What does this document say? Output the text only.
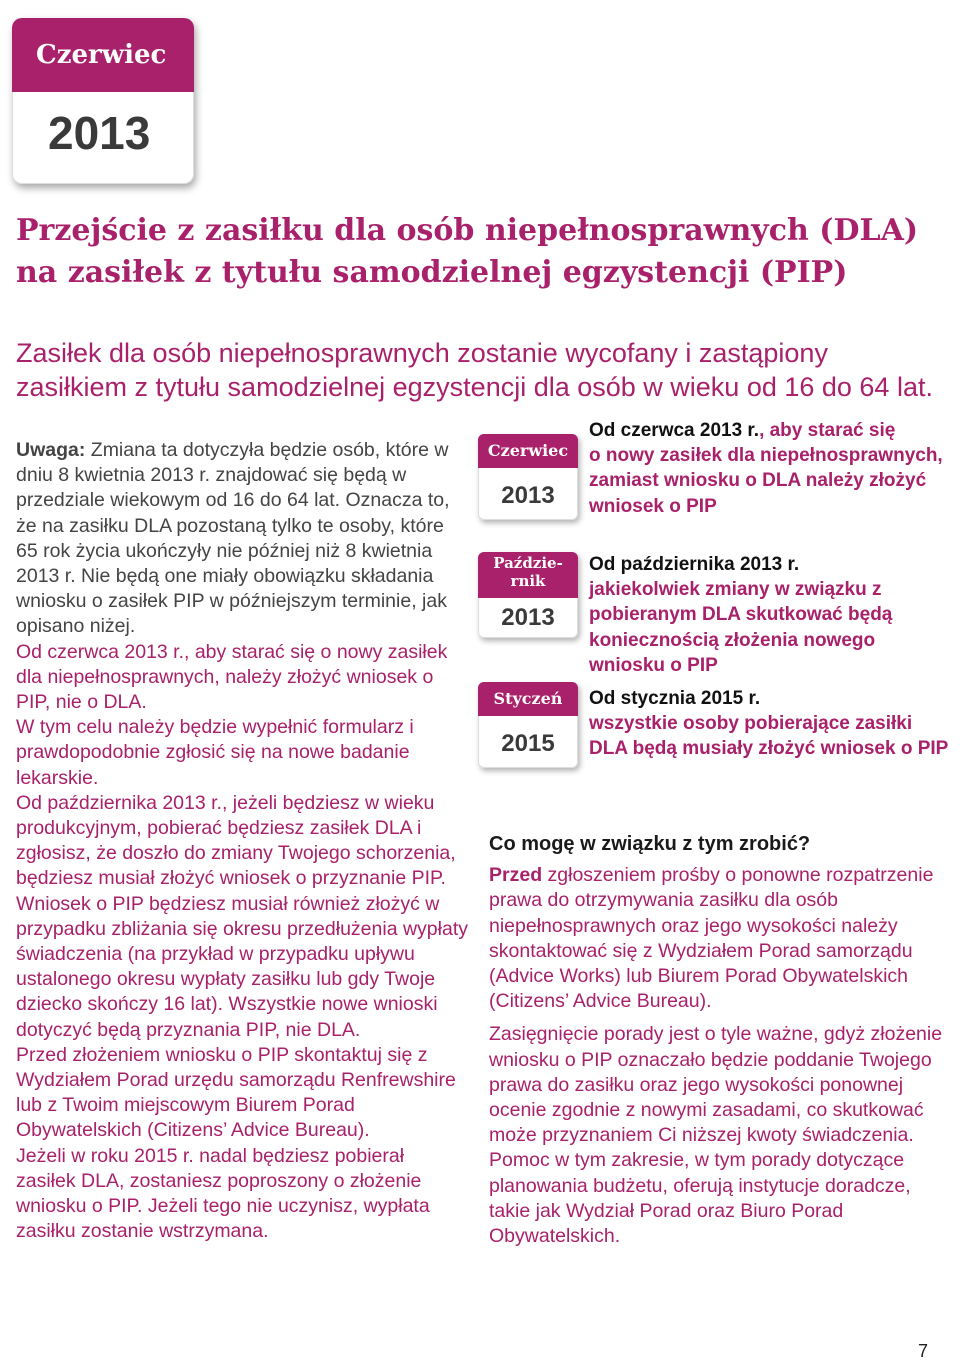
Czerwiec
2013
Przejście z zasiłku dla osób niepełnosprawnych (DLA) na zasiłek z tytułu samodzielnej egzystencji (PIP)

Zasiłek dla osób niepełnosprawnych zostanie wycofany i zastąpiony zasiłkiem z tytułu samodzielnej egzystencji dla osób w wieku od 16 do 64 lat.

Uwaga: Zmiana ta dotyczyła będzie osób, które w dniu 8 kwietnia 2013 r. znajdować się będą w przedziale wiekowym od 16 do 64 lat. Oznacza to, że na zasiłku DLA pozostaną tylko te osoby, które 65 rok życia ukończyły nie później niż 8 kwietnia 2013 r. Nie będą one miały obowiązku składania wniosku o zasiłek PIP w późniejszym terminie, jak opisano niżej.

Od czerwca 2013 r., aby starać się o nowy zasiłek dla niepełnosprawnych, należy złożyć wniosek o PIP, nie o DLA.

W tym celu należy będzie wypełnić formularz i prawdopodobnie zgłosić się na nowe badanie lekarskie.

Od października 2013 r., jeżeli będziesz w wieku produkcyjnym, pobierać będziesz zasiłek DLA i zgłosisz, że doszło do zmiany Twojego schorzenia, będziesz musiał złożyć wniosek o przyznanie PIP.

Wniosek o PIP będziesz musiał również złożyć w przypadku zbliżania się okresu przedłużenia wypłaty świadczenia (na przykład w przypadku upływu ustalonego okresu wypłaty zasiłku lub gdy Twoje dziecko skończy 16 lat). Wszystkie nowe wnioski dotyczyć będą przyznania PIP, nie DLA.

Przed złożeniem wniosku o PIP skontaktuj się z Wydziałem Porad urzędu samorządu Renfrewshire lub z Twoim miejscowym Biurem Porad Obywatelskich (Citizens’ Advice Bureau).

Jeżeli w roku 2015 r. nadal będziesz pobierał zasiłek DLA, zostaniesz poproszony o złożenie wniosku o PIP. Jeżeli tego nie uczynisz, wypłata zasiłku zostanie wstrzymana.

Czerwiec
2013
Paździe-
rnik
2013
Styczeń
2015

Od czerwca 2013 r., aby starać się
o nowy zasiłek dla niepełnosprawnych, zamiast wniosku o DLA należy złożyć wniosek o PIP

Od października 2013 r.
jakiekolwiek zmiany w związku z pobieranym DLA skutkować będą koniecznością złożenia nowego wniosku o PIP

Od stycznia 2015 r.
wszystkie osoby pobierające zasiłki DLA będą musiały złożyć wniosek o PIP

Co mogę w związku z tym zrobić?

Przed zgłoszeniem prośby o ponowne rozpatrzenie prawa do otrzymywania zasiłku dla osób niepełnosprawnych oraz jego wysokości należy skontaktować się z Wydziałem Porad samorządu (Advice Works) lub Biurem Porad Obywatelskich (Citizens’ Advice Bureau).

Zasięgnięcie porady jest o tyle ważne, gdyż złożenie wniosku o PIP oznaczało będzie poddanie Twojego prawa do zasiłku oraz jego wysokości ponownej ocenie zgodnie z nowymi zasadami, co skutkować może przyznaniem Ci niższej kwoty świadczenia. Pomoc w tym zakresie, w tym porady dotyczące planowania budżetu, oferują instytucje doradcze, takie jak Wydział Porad oraz Biuro Porad Obywatelskich.

7
